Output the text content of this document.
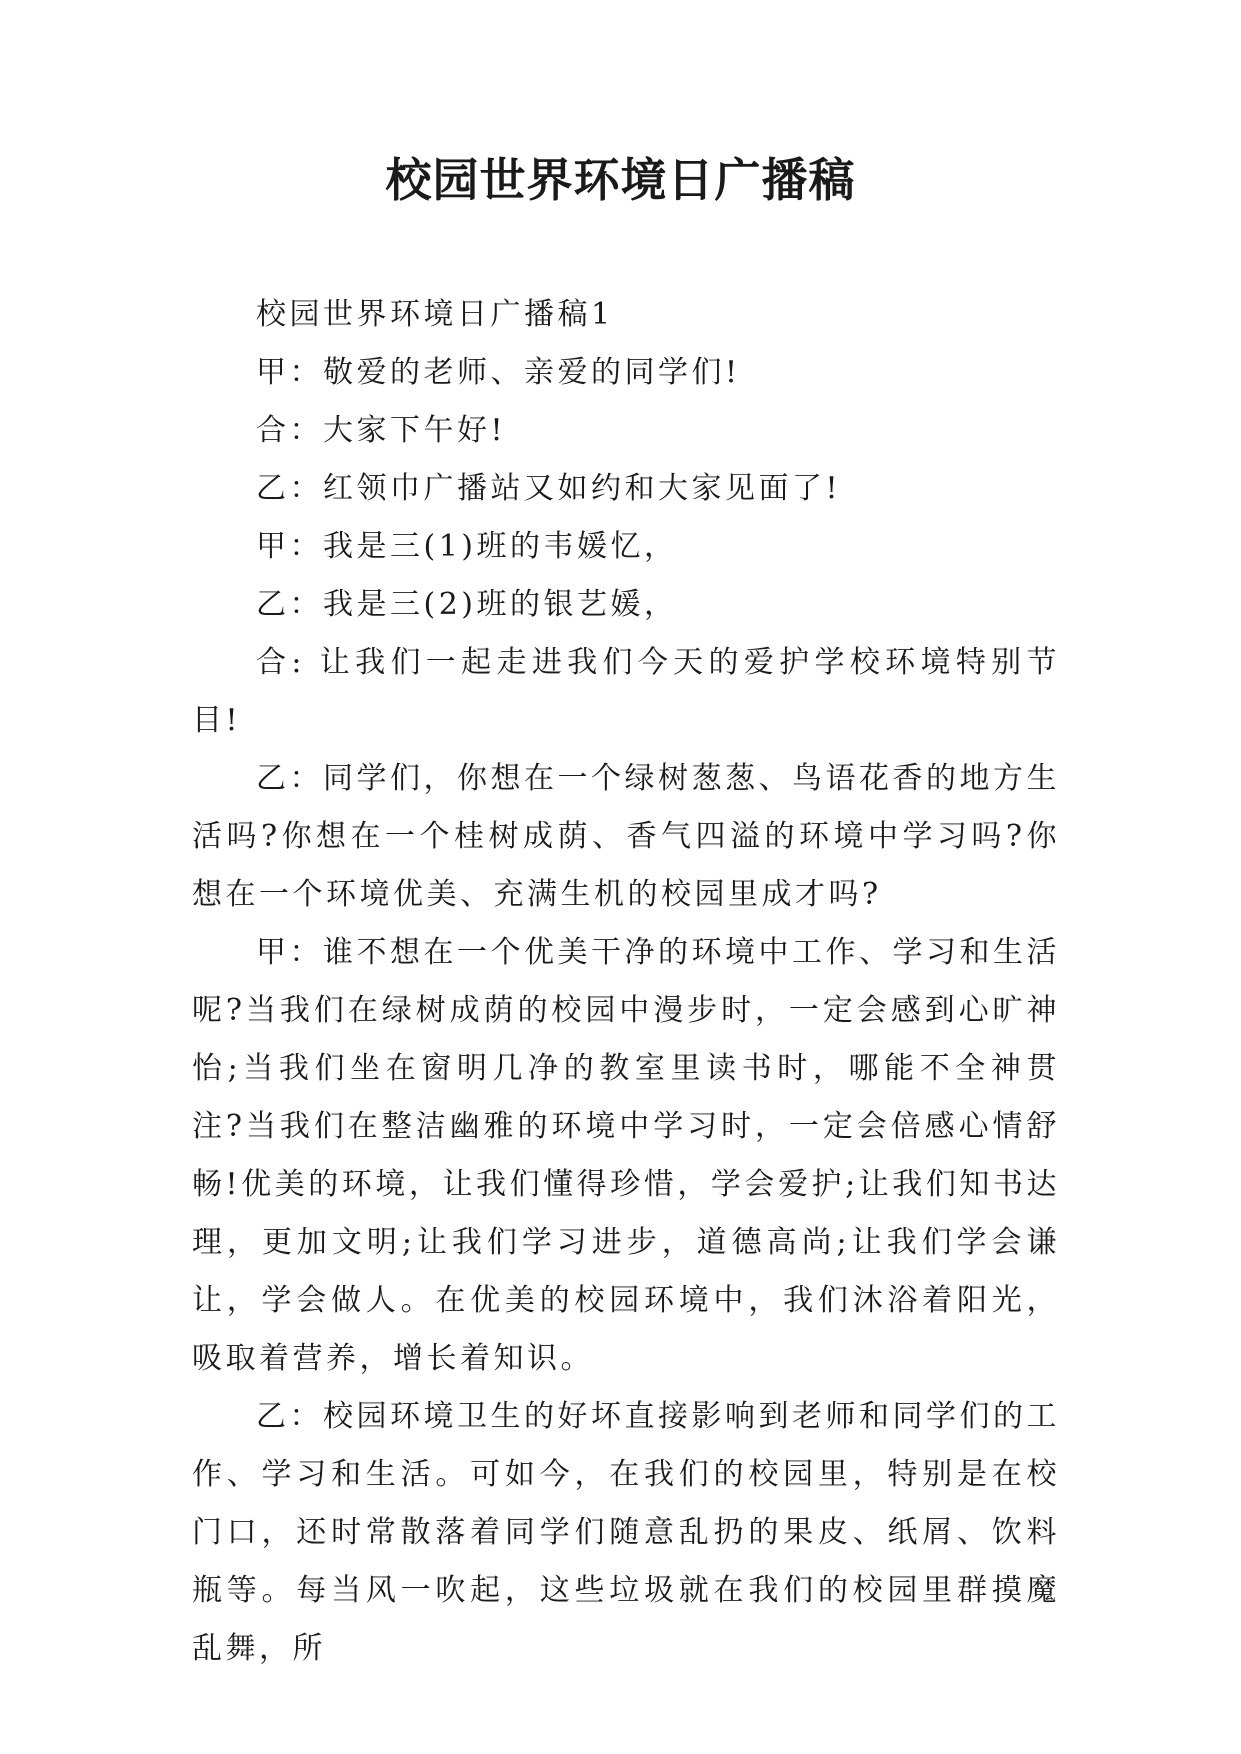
校园世界环境日广播稿

校园世界环境日广播稿1

甲：敬爱的老师、亲爱的同学们!

合：大家下午好!

乙：红领巾广播站又如约和大家见面了!

甲：我是三(1)班的韦媛忆，

乙：我是三(2)班的银艺媛，

合: 让我们一起走进我们今天的爱护学校环境特别节目!

乙：同学们，你想在一个绿树葱葱、鸟语花香的地方生活吗?你想在一个桂树成荫、香气四溢的环境中学习吗?你想在一个环境优美、充满生机的校园里成才吗?

甲：谁不想在一个优美干净的环境中工作、学习和生活呢?当我们在绿树成荫的校园中漫步时，一定会感到心旷神怡;当我们坐在窗明几净的教室里读书时，哪能不全神贯注?当我们在整洁幽雅的环境中学习时，一定会倍感心情舒畅!优美的环境，让我们懂得珍惜，学会爱护;让我们知书达理，更加文明;让我们学习进步，道德高尚;让我们学会谦让，学会做人。在优美的校园环境中，我们沐浴着阳光，吸取着营养，增长着知识。

乙：校园环境卫生的好坏直接影响到老师和同学们的工作、学习和生活。可如今，在我们的校园里，特别是在校门口，还时常散落着同学们随意乱扔的果皮、纸屑、饮料瓶等。每当风一吹起，这些垃圾就在我们的校园里群摸魔乱舞，所
